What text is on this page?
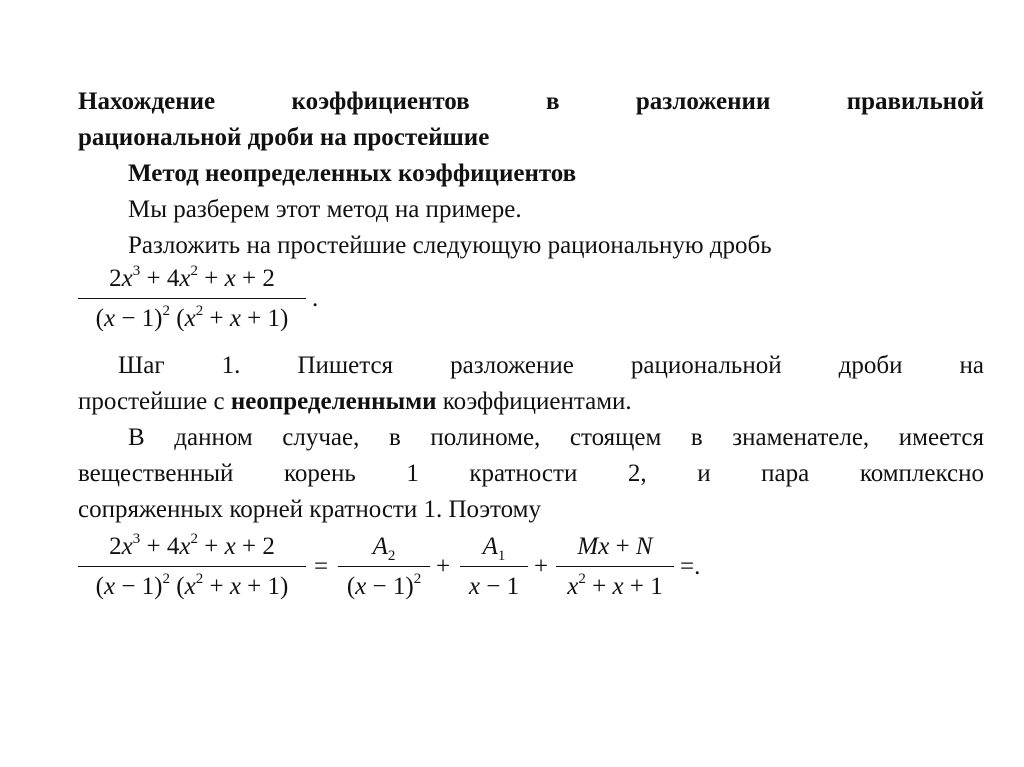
Нахождение коэффициентов в разложении правильной
рациональной дроби на простейшие
Метод неопределенных коэффициентов
Мы разберем этот метод на примере.
Разложить на простейшие следующую рациональную дробь
$2x^3 + 4x^2 + x + 2$
$(x - 1)^2$ $(x^2 + x + 1)$
.
Шаг 1. Пишется разложение рациональной дроби на
простейшие с неопределенными коэффициентами.
В данном случае, в полиноме, стоящем в знаменателе, имеется
вещественный корень 1 кратности 2, и пара комплексно
сопряженных корней кратности 1. Поэтому
$2x^3 + 4x^2 + x + 2$
$(x - 1)^2$ $(x^2 + x + 1)$
=
$A_2$
$(x - 1)^2$ +
$A_1$
x − 1
+
Mx + N
$x^2 + x + 1$
=.
